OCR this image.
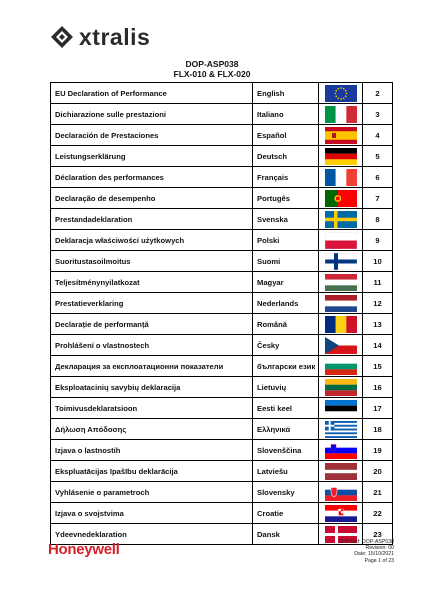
xtralis
DOP-ASP038
FLX-010 & FLX-020
EU Declaration of Performance	English		2
Dichiarazione sulle prestazioni	Italiano		3
Declaración de Prestaciones	Español		4
Leistungserklärung	Deutsch		5
Déclaration des performances	Français		6
Declaração de desempenho	Portugês		7
Prestandadeklaration	Svenska		8
Deklaracja właściwości użytkowych	Polski		9
Suoritustasoilmoitus	Suomi		10
Teljesítménynyilatkozat	Magyar		11
Prestatieverklaring	Nederlands		12
Declarație de performanță	Română		13
Prohlášení o vlastnostech	Česky		14
Декларация за експлоатационни показатели	български език		15
Eksploatacinių savybių deklaracija	Lietuvių		16
Toimivusdeklaratsioon	Eesti keel		17
Δήλωση Απόδοσης	Ελληνικά		18
Izjava o lastnostih	Slovenščina		19
Ekspluatācijas īpašību deklarācija	Latviešu		20
Vyhlásenie o parametroch	Slovensky		21
Izjava o svojstvima	Croatie		22
Ydeevnedeklaration	Dansk		23
Honeywell	DOP Ref: DOP-ASP038
Revision: 00
Date: 15/10/2021
Page 1 of 23
